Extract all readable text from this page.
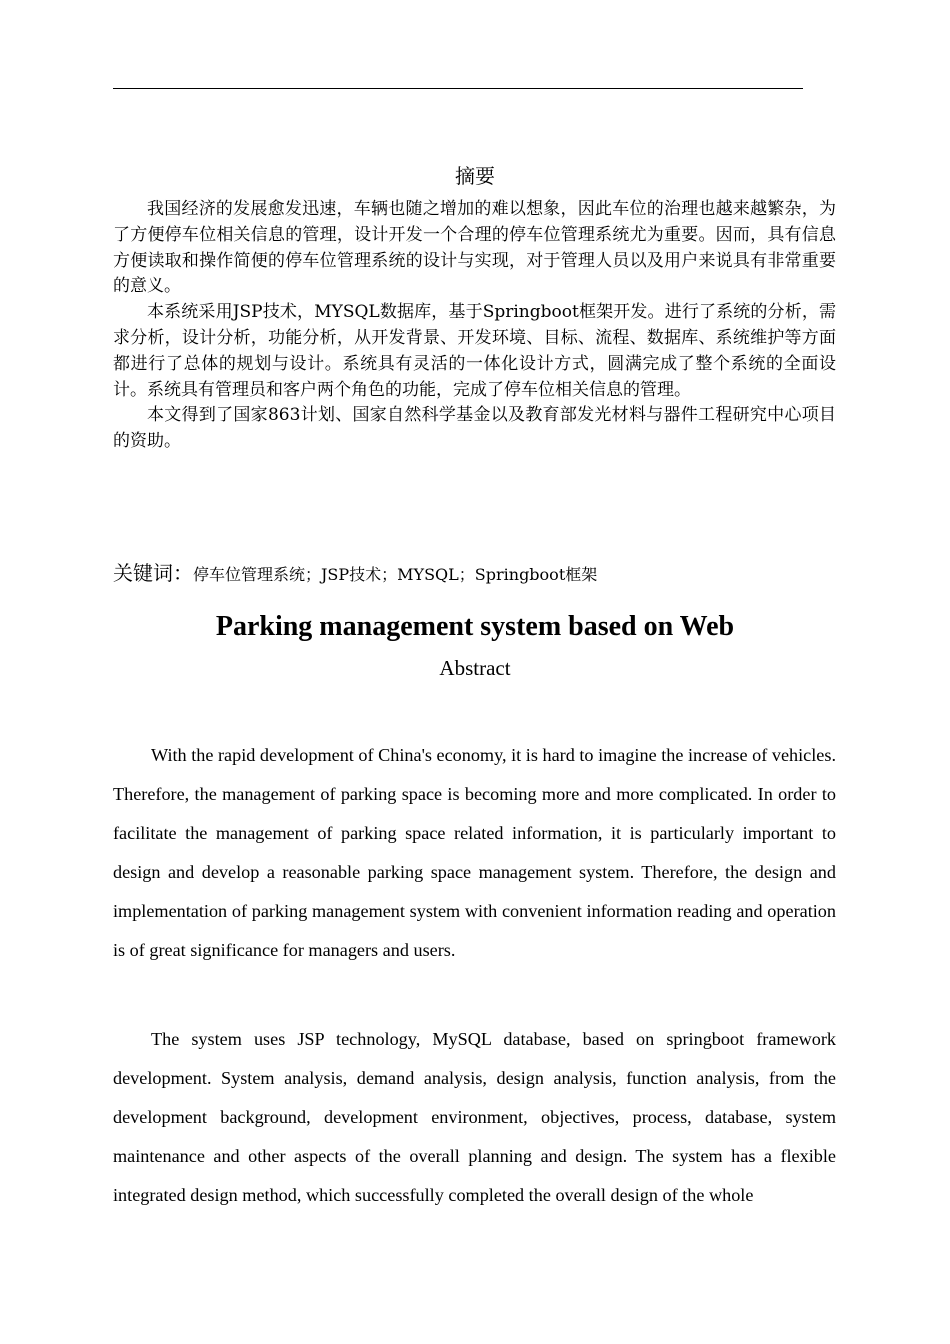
摘要

我国经济的发展愈发迅速，车辆也随之增加的难以想象，因此车位的治理也越来越繁杂，为了方便停车位相关信息的管理，设计开发一个合理的停车位管理系统尤为重要。因而，具有信息方便读取和操作简便的停车位管理系统的设计与实现，对于管理人员以及用户来说具有非常重要的意义。

本系统采用JSP技术，MYSQL数据库，基于Springboot框架开发。进行了系统的分析，需求分析，设计分析，功能分析，从开发背景、开发环境、目标、流程、数据库、系统维护等方面都进行了总体的规划与设计。系统具有灵活的一体化设计方式，圆满完成了整个系统的全面设计。系统具有管理员和客户两个角色的功能，完成了停车位相关信息的管理。

本文得到了国家863计划、国家自然科学基金以及教育部发光材料与器件工程研究中心项目的资助。

关键词：停车位管理系统；JSP技术；MYSQL；Springboot框架
Parking management system based on Web
Abstract

With the rapid development of China's economy, it is hard to imagine the increase of vehicles. Therefore, the management of parking space is becoming more and more complicated. In order to facilitate the management of parking space related information, it is particularly important to design and develop a reasonable parking space management system. Therefore, the design and implementation of parking management system with convenient information reading and operation is of great significance for managers and users.

The system uses JSP technology, MySQL database, based on springboot framework development. System analysis, demand analysis, design analysis, function analysis, from the development background, development environment, objectives, process, database, system maintenance and other aspects of the overall planning and design. The system has a flexible integrated design method, which successfully completed the overall design of the whole
